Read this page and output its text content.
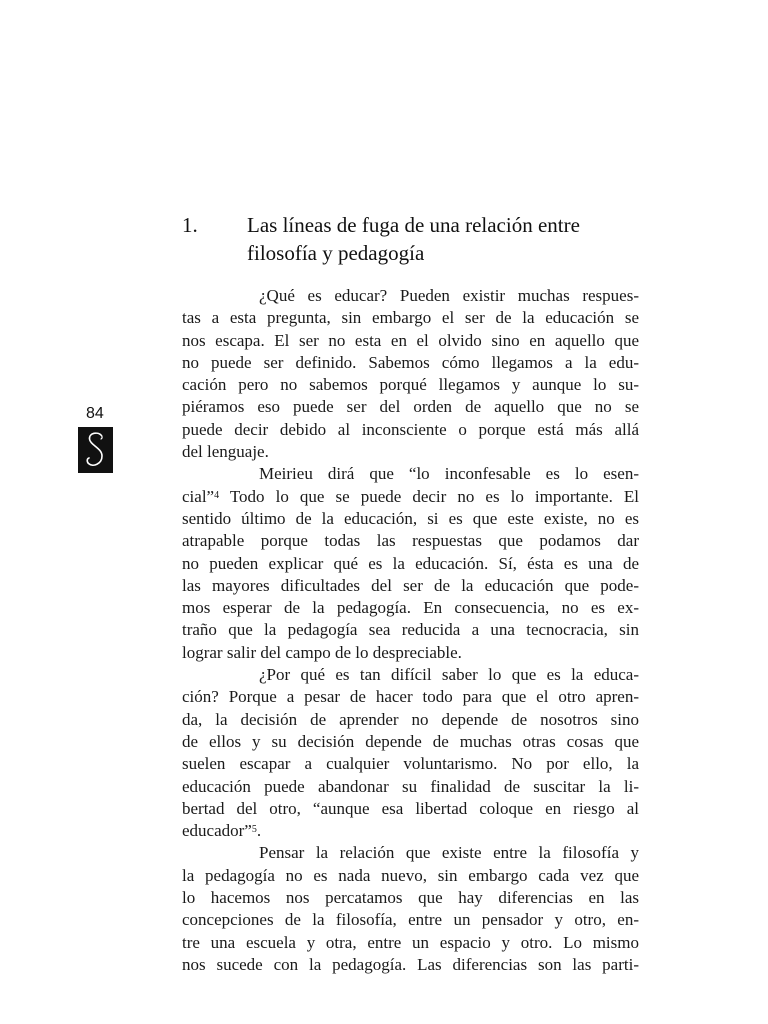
84
1. Las líneas de fuga de una relación entre
filosofía y pedagogía
¿Qué es educar? Pueden existir muchas respues-
tas a esta pregunta, sin embargo el ser de la educación se
nos escapa. El ser no esta en el olvido sino en aquello que
no puede ser definido. Sabemos cómo llegamos a la edu-
cación pero no sabemos porqué llegamos y aunque lo su-
piéramos eso puede ser del orden de aquello que no se
puede decir debido al inconsciente o porque está más allá
del lenguaje.
Meirieu dirá que “lo inconfesable es lo esen-
cial”$^4$ Todo lo que se puede decir no es lo importante. El
sentido último de la educación, si es que este existe, no es
atrapable porque todas las respuestas que podamos dar
no pueden explicar qué es la educación. Sí, ésta es una de
las mayores dificultades del ser de la educación que pode-
mos esperar de la pedagogía. En consecuencia, no es ex-
traño que la pedagogía sea reducida a una tecnocracia, sin
lograr salir del campo de lo despreciable.
¿Por qué es tan difícil saber lo que es la educa-
ción? Porque a pesar de hacer todo para que el otro apren-
da, la decisión de aprender no depende de nosotros sino
de ellos y su decisión depende de muchas otras cosas que
suelen escapar a cualquier voluntarismo. No por ello, la
educación puede abandonar su finalidad de suscitar la li-
bertad del otro, “aunque esa libertad coloque en riesgo al
educador”$^5$.
Pensar la relación que existe entre la filosofía y
la pedagogía no es nada nuevo, sin embargo cada vez que
lo hacemos nos percatamos que hay diferencias en las
concepciones de la filosofía, entre un pensador y otro, en-
tre una escuela y otra, entre un espacio y otro. Lo mismo
nos sucede con la pedagogía. Las diferencias son las parti-
